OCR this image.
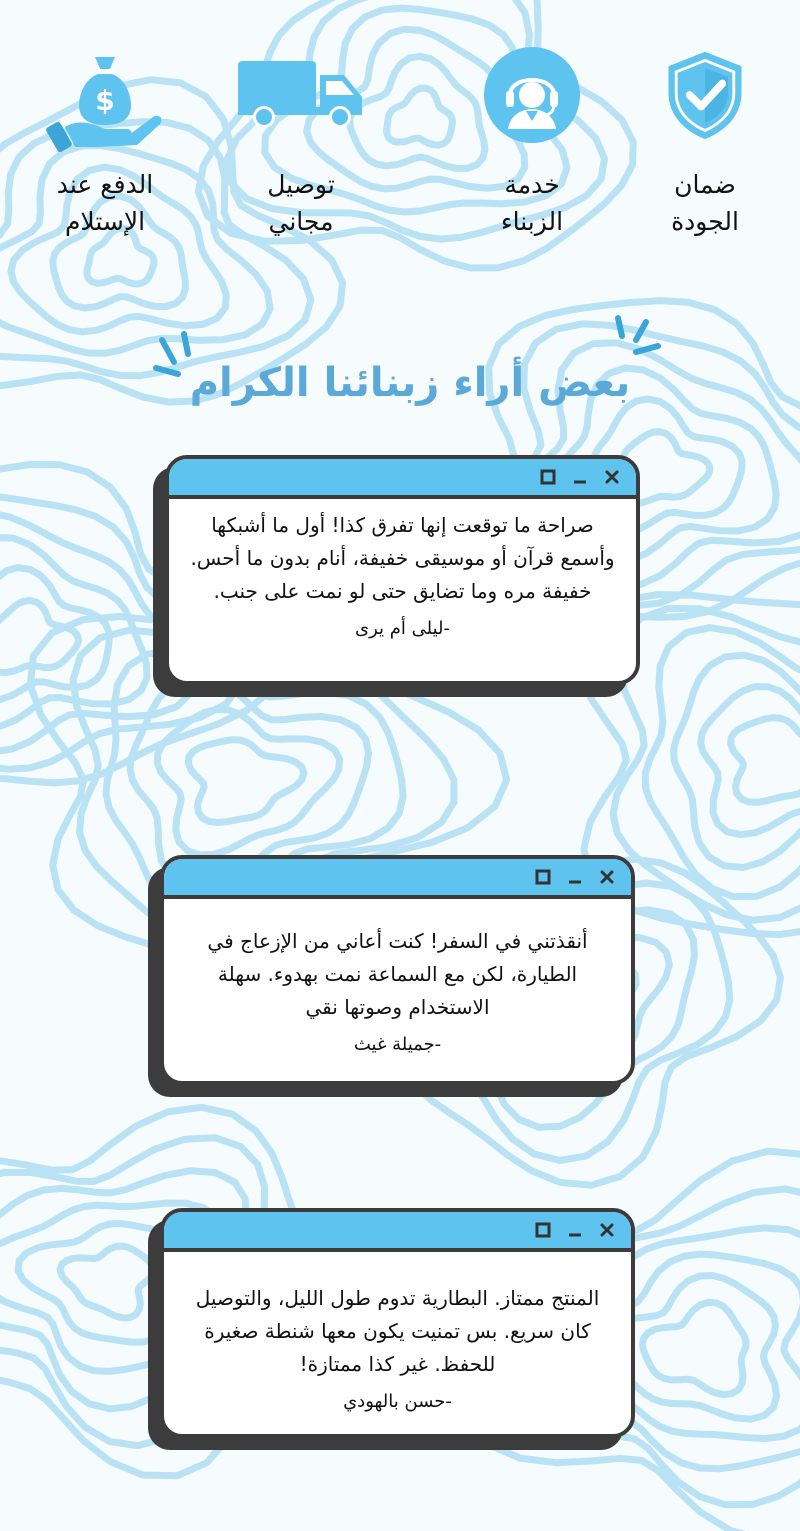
ضمان
الجودة
خدمة
الزبناء
توصيل
مجاني
$
الدفع عند
الإستلام
بعض أراء زبنائنا الكرام

صراحة ما توقعت إنها تفرق كذا! أول ما أشبكها وأسمع قرآن أو موسيقى خفيفة، أنام بدون ما أحس. خفيفة مره وما تضايق حتى لو نمت على جنب.

-ليلى أم يرى

أنقذتني في السفر! كنت أعاني من الإزعاج في الطيارة، لكن مع السماعة نمت بهدوء. سهلة الاستخدام وصوتها نقي

-جميلة غيث

المنتج ممتاز. البطارية تدوم طول الليل، والتوصيل كان سريع. بس تمنيت يكون معها شنطة صغيرة للحفظ. غير كذا ممتازة!

-حسن بالهودي
